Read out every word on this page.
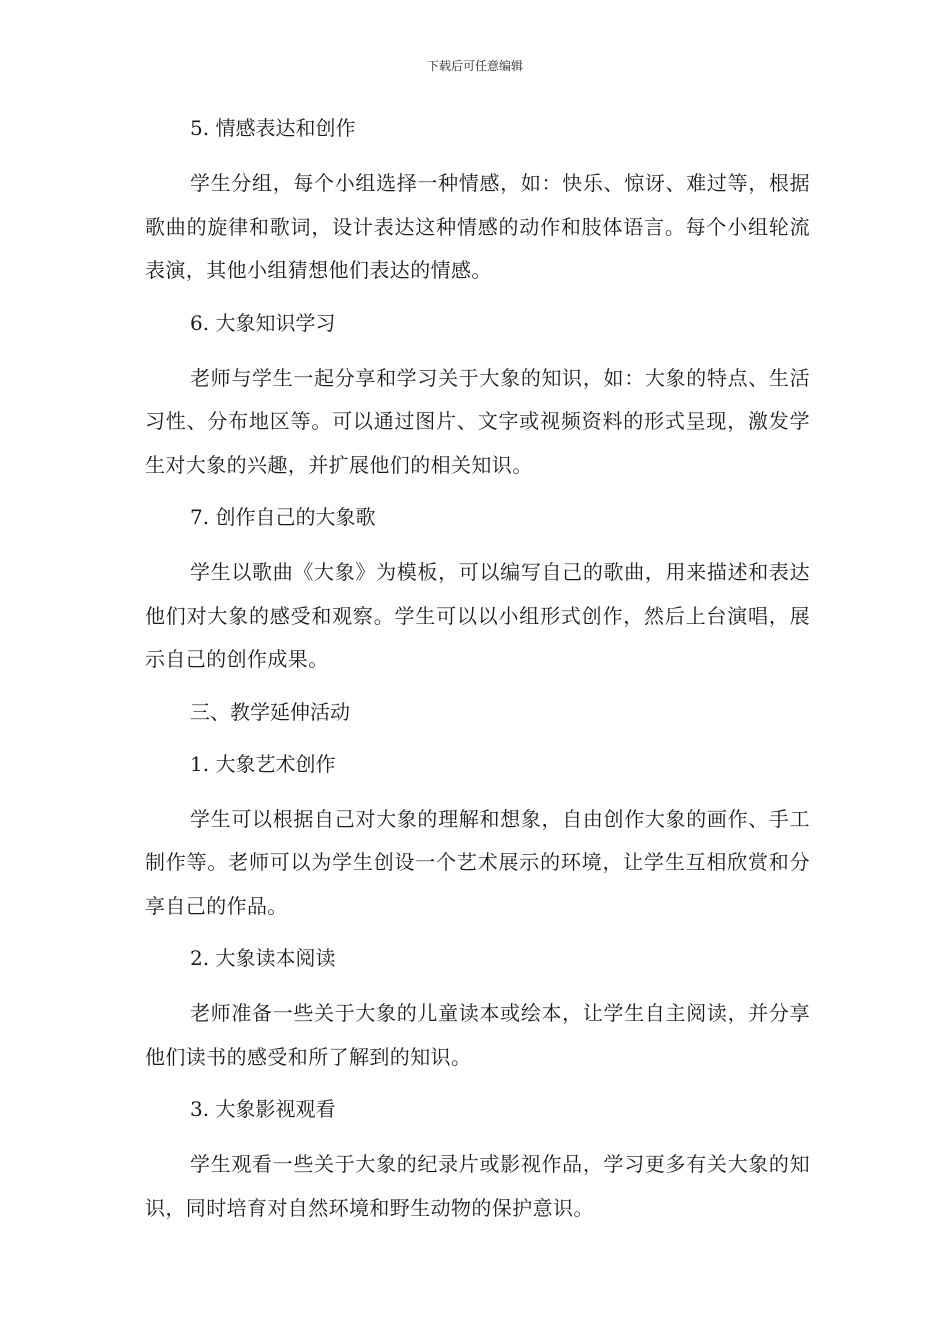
下载后可任意编辑

5. 情感表达和创作

学生分组，每个小组选择一种情感，如：快乐、惊讶、难过等，根据歌曲的旋律和歌词，设计表达这种情感的动作和肢体语言。每个小组轮流表演，其他小组猜想他们表达的情感。

6. 大象知识学习

老师与学生一起分享和学习关于大象的知识，如：大象的特点、生活习性、分布地区等。可以通过图片、文字或视频资料的形式呈现，激发学生对大象的兴趣，并扩展他们的相关知识。

7. 创作自己的大象歌

学生以歌曲《大象》为模板，可以编写自己的歌曲，用来描述和表达他们对大象的感受和观察。学生可以以小组形式创作，然后上台演唱，展示自己的创作成果。

三、教学延伸活动

1. 大象艺术创作

学生可以根据自己对大象的理解和想象，自由创作大象的画作、手工制作等。老师可以为学生创设一个艺术展示的环境，让学生互相欣赏和分享自己的作品。

2. 大象读本阅读

老师准备一些关于大象的儿童读本或绘本，让学生自主阅读，并分享他们读书的感受和所了解到的知识。

3. 大象影视观看

学生观看一些关于大象的纪录片或影视作品，学习更多有关大象的知识，同时培育对自然环境和野生动物的保护意识。
